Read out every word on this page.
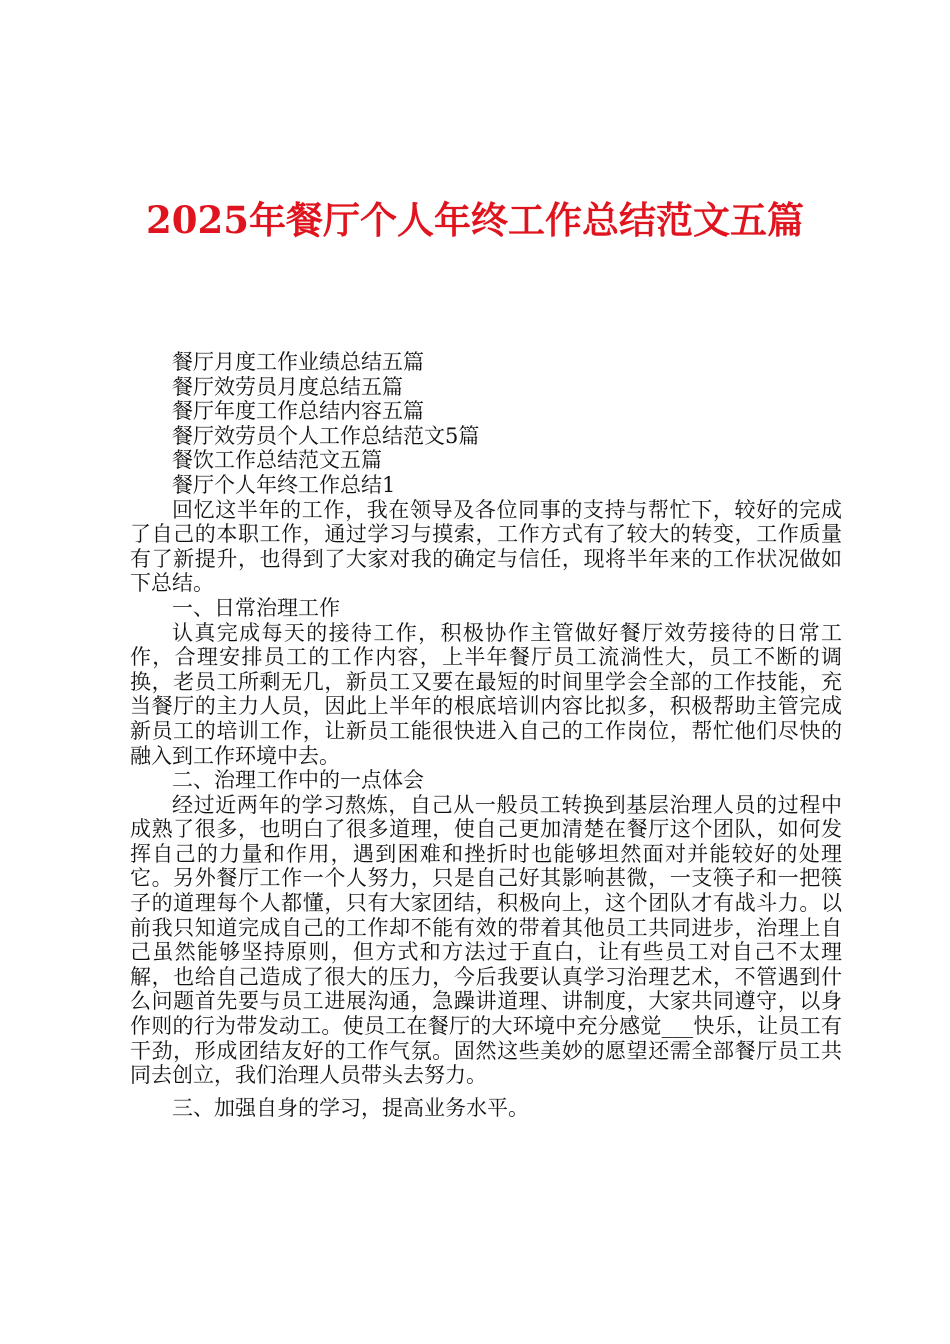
2025年餐厅个人年终工作总结范文五篇
餐厅月度工作业绩总结五篇
餐厅效劳员月度总结五篇
餐厅年度工作总结内容五篇
餐厅效劳员个人工作总结范文5篇
餐饮工作总结范文五篇
餐厅个人年终工作总结1

回忆这半年的工作，我在领导及各位同事的支持与帮忙下，较好的完成了自己的本职工作，通过学习与摸索，工作方式有了较大的转变，工作质量有了新提升，也得到了大家对我的确定与信任，现将半年来的工作状况做如下总结。

一、日常治理工作

认真完成每天的接待工作，积极协作主管做好餐厅效劳接待的日常工作，合理安排员工的工作内容，上半年餐厅员工流淌性大，员工不断的调换，老员工所剩无几，新员工又要在最短的时间里学会全部的工作技能，充当餐厅的主力人员，因此上半年的根底培训内容比拟多，积极帮助主管完成新员工的培训工作，让新员工能很快进入自己的工作岗位，帮忙他们尽快的融入到工作环境中去。

二、治理工作中的一点体会

经过近两年的学习熬炼，自己从一般员工转换到基层治理人员的过程中成熟了很多，也明白了很多道理，使自己更加清楚在餐厅这个团队，如何发挥自己的力量和作用，遇到困难和挫折时也能够坦然面对并能较好的处理它。另外餐厅工作一个人努力，只是自己好其影响甚微，一支筷子和一把筷子的道理每个人都懂，只有大家团结，积极向上，这个团队才有战斗力。以前我只知道完成自己的工作却不能有效的带着其他员工共同进步，治理上自己虽然能够坚持原则，但方式和方法过于直白，让有些员工对自己不太理解，也给自己造成了很大的压力，今后我要认真学习治理艺术，不管遇到什么问题首先要与员工进展沟通，急躁讲道理、讲制度，大家共同遵守，以身作则的行为带发动工。使员工在餐厅的大环境中充分感觉___快乐，让员工有干劲，形成团结友好的工作气氛。固然这些美妙的愿望还需全部餐厅员工共同去创立，我们治理人员带头去努力。

三、加强自身的学习，提高业务水平。
